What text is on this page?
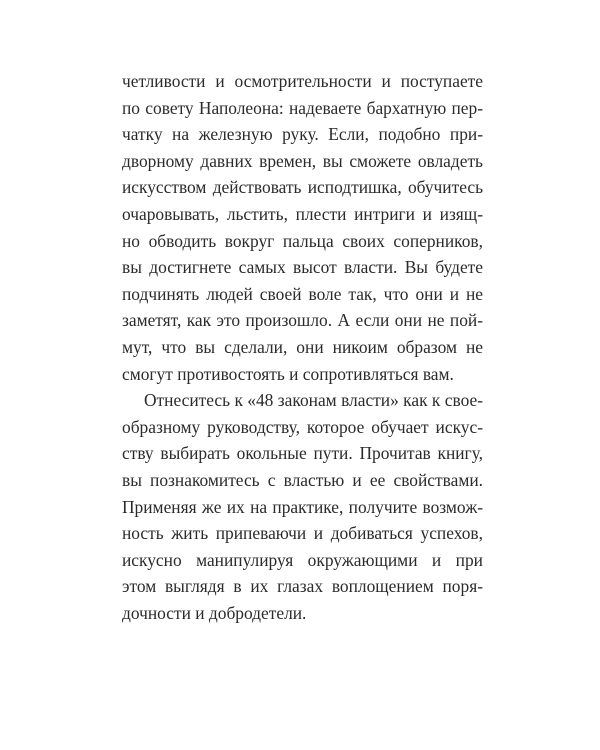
четливости и осмотрительности и поступаете
по совету Наполеона: надеваете бархатную пер-
чатку на железную руку. Если, подобно при-
дворному давних времен, вы сможете овладеть
искусством действовать исподтишка, обучитесь
очаровывать, льстить, плести интриги и изящ-
но обводить вокруг пальца своих соперников,
вы достигнете самых высот власти. Вы будете
подчинять людей своей воле так, что они и не
заметят, как это произошло. А если они не пой-
мут, что вы сделали, они никоим образом не
смогут противостоять и сопротивляться вам.
Отнеситесь к «48 законам власти» как к свое-
образному руководству, которое обучает искус-
ству выбирать окольные пути. Прочитав книгу,
вы познакомитесь с властью и ее свойствами.
Применяя же их на практике, получите возмож-
ность жить припеваючи и добиваться успехов,
искусно манипулируя окружающими и при
этом выглядя в их глазах воплощением поря-
дочности и добродетели.
